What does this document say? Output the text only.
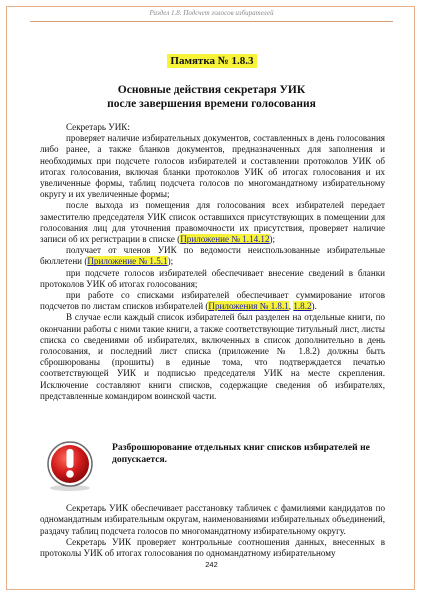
Раздел 1.8. Подсчет голосов избирателей
Памятка № 1.8.3
Основные действия секретаря УИК
после завершения времени голосования

Секретарь УИК:

проверяет наличие избирательных документов, составленных в день голосования либо ранее, а также бланков документов, предназначенных для заполнения и необходимых при подсчете голосов избирателей и составлении протоколов УИК об итогах голосования, включая бланки протоколов УИК об итогах голосования и их увеличенные формы, таблиц подсчета голосов по многомандатному избирательному округу и их увеличенные формы;

после выхода из помещения для голосования всех избирателей передает заместителю председателя УИК список оставшихся присутствующих в помещении для голосования лиц для уточнения правомочности их присутствия, проверяет наличие записи об их регистрации в списке (Приложение № 1.14.12);

получает от членов УИК по ведомости неиспользованные избирательные бюллетени (Приложение № 1.5.1);

при подсчете голосов избирателей обеспечивает внесение сведений в бланки протоколов УИК об итогах голосования;

при работе со списками избирателей обеспечивает суммирование итогов подсчетов по листам списков избирателей (Приложения № 1.8.1, 1.8.2).

В случае если каждый список избирателей был разделен на отдельные книги, по окончании работы с ними такие книги, а также соответствующие титульный лист, листы списка со сведениями об избирателях, включенных в список дополнительно в день голосования, и последний лист списка (приложение № 1.8.2) должны быть сброшюрованы (прошиты) в единые тома, что подтверждается печатью соответствующей УИК и подписью председателя УИК на месте скрепления. Исключение составляют книги списков, содержащие сведения об избирателях, представленные командиром воинской части.

Разброшюрование отдельных книг списков избирателей не допускается.

Секретарь УИК обеспечивает расстановку табличек с фамилиями кандидатов по одномандатным избирательным округам, наименованиями избирательных объединений, раздачу таблиц подсчета голосов по многомандатному избирательному округу.

Секретарь УИК проверяет контрольные соотношения данных, внесенных в протоколы УИК об итогах голосования по одномандатному избирательному

242
